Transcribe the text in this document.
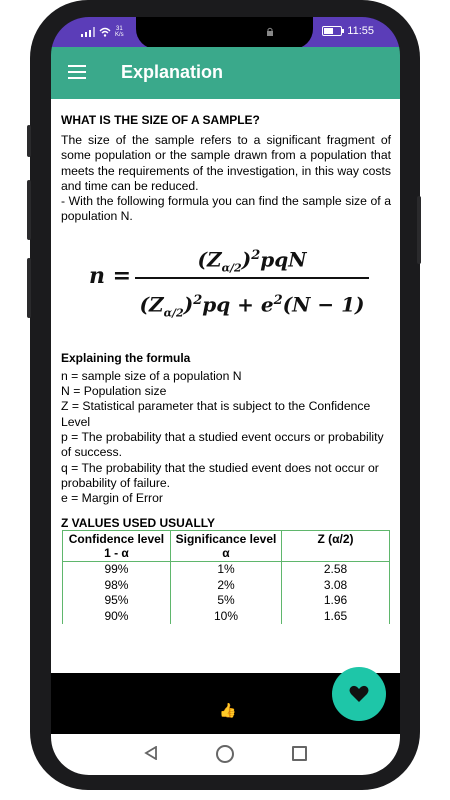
31
K/s	11:55
Explanation
WHAT IS THE SIZE OF A SAMPLE?

The size of the sample refers to a significant fragment of some population or the sample drawn from a population that meets the requirements of the investigation, in this way costs and time can be reduced.

- With the following formula you can find the sample size of a population N.

n =
$(Z_{\alpha/2})^2pqN$
$(Z_{\alpha/2})^2pq + e^2(N - 1)$
Explaining the formula

n = sample size of a population N

N = Population size

Z = Statistical parameter that is subject to the Confidence Level

p = The probability that a studied event occurs or probability of success.

q = The probability that the studied event does not occur or probability of failure.

e = Margin of Error

Z VALUES USED USUALLY
Confidence level 1 - α	Significance level α	Z (α/2)
99%	1%	2.58
98%	2%	3.08
95%	5%	1.96
90%	10%	1.65
👍
